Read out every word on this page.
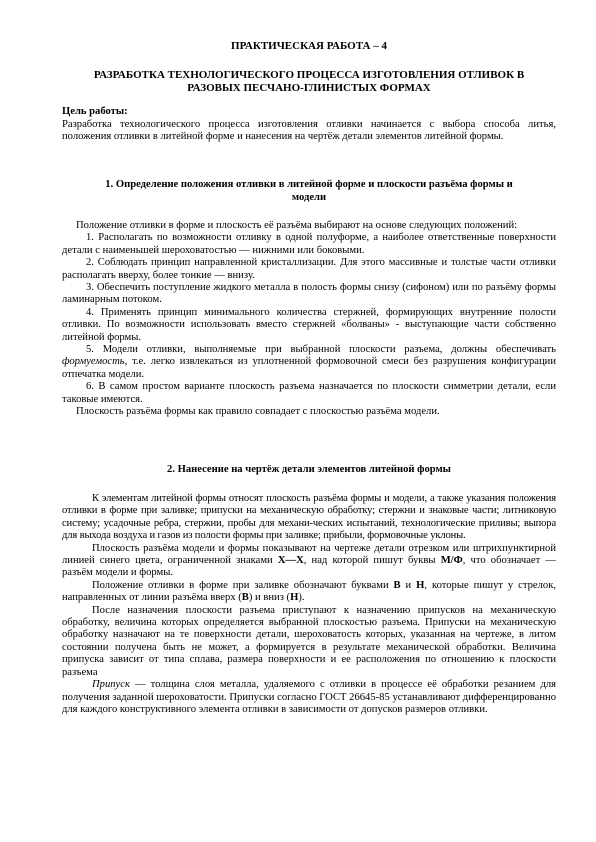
ПРАКТИЧЕСКАЯ РАБОТА – 4
РАЗРАБОТКА ТЕХНОЛОГИЧЕСКОГО ПРОЦЕССА ИЗГОТОВЛЕНИЯ ОТЛИВОК В
РАЗОВЫХ ПЕСЧАНО-ГЛИНИСТЫХ ФОРМАХ
Цель работы:
Разработка технологического процесса изготовления отливки начинается с выбора способа литья, положения отливки в литейной форме и нанесения на чертёж детали элементов литейной формы.
1. Определение положения отливки в литейной форме и плоскости разъёма формы и модели

Положение отливки в форме и плоскость её разъёма выбирают на основе следующих положений:

1. Располагать по возможности отливку в одной полуформе, а наиболее ответственные поверхности детали с наименьшей шероховатостью — нижними или боковыми.

2. Соблюдать принцип направленной кристаллизации. Для этого массивные и толстые части отливки располагать вверху, более тонкие — внизу.

3. Обеспечить поступление жидкого металла в полость формы снизу (сифоном) или по разъёму формы ламинарным потоком.

4. Применять принцип минимального количества стержней, формирующих внутренние полости отливки. По возможности использовать вместо стержней «болваны» - выступающие части собственно литейной формы.

5. Модели отливки, выполняемые при выбранной плоскости разъема, должны обеспечивать формуемость, т.е. легко извлекаться из уплотненной формовочной смеси без разрушения конфигурации отпечатка модели.

6. В самом простом варианте плоскость разъема назначается по плоскости симметрии детали, если таковые имеются.

Плоскость разъёма формы как правило совпадает с плоскостью разъёма модели.

2. Нанесение на чертёж детали элементов литейной формы

К элементам литейной формы относят плоскость разъёма формы и модели, а также указания положения отливки в форме при заливке; припуски на механическую обработку; стержни и знаковые части; литниковую систему; усадочные ребра, стержни, пробы для механи-ческих испытаний, технологические приливы; выпора для выхода воздуха и газов из полости формы при заливке; прибыли, формовочные уклоны.

Плоскость разъёма модели и формы показывают на чертеже детали отрезком или штрихпунктирной линией синего цвета, ограниченной знаками X—X, над которой пишут буквы М/Ф, что обозначает — разъём модели и формы.

Положение отливки в форме при заливке обозначают буквами В и Н, которые пишут у стрелок, направленных от линии разъёма вверх (В) и вниз (Н).

После назначения плоскости разъема приступают к назначению припусков на механическую обработку, величина которых определяется выбранной плоскостью разъема. Припуски на механическую обработку назначают на те поверхности детали, шероховатость которых, указанная на чертеже, в литом состоянии получена быть не может, а формируется в результате механической обработки. Величина припуска зависит от типа сплава, размера поверхности и ее расположения по отношению к плоскости разъема

Припуск — толщина слоя металла, удаляемого с отливки в процессе её обработки резанием для получения заданной шероховатости. Припуски согласно ГОСТ 26645-85 устанавливают дифференцированно для каждого конструктивного элемента отливки в зависимости от допусков размеров отливки.
